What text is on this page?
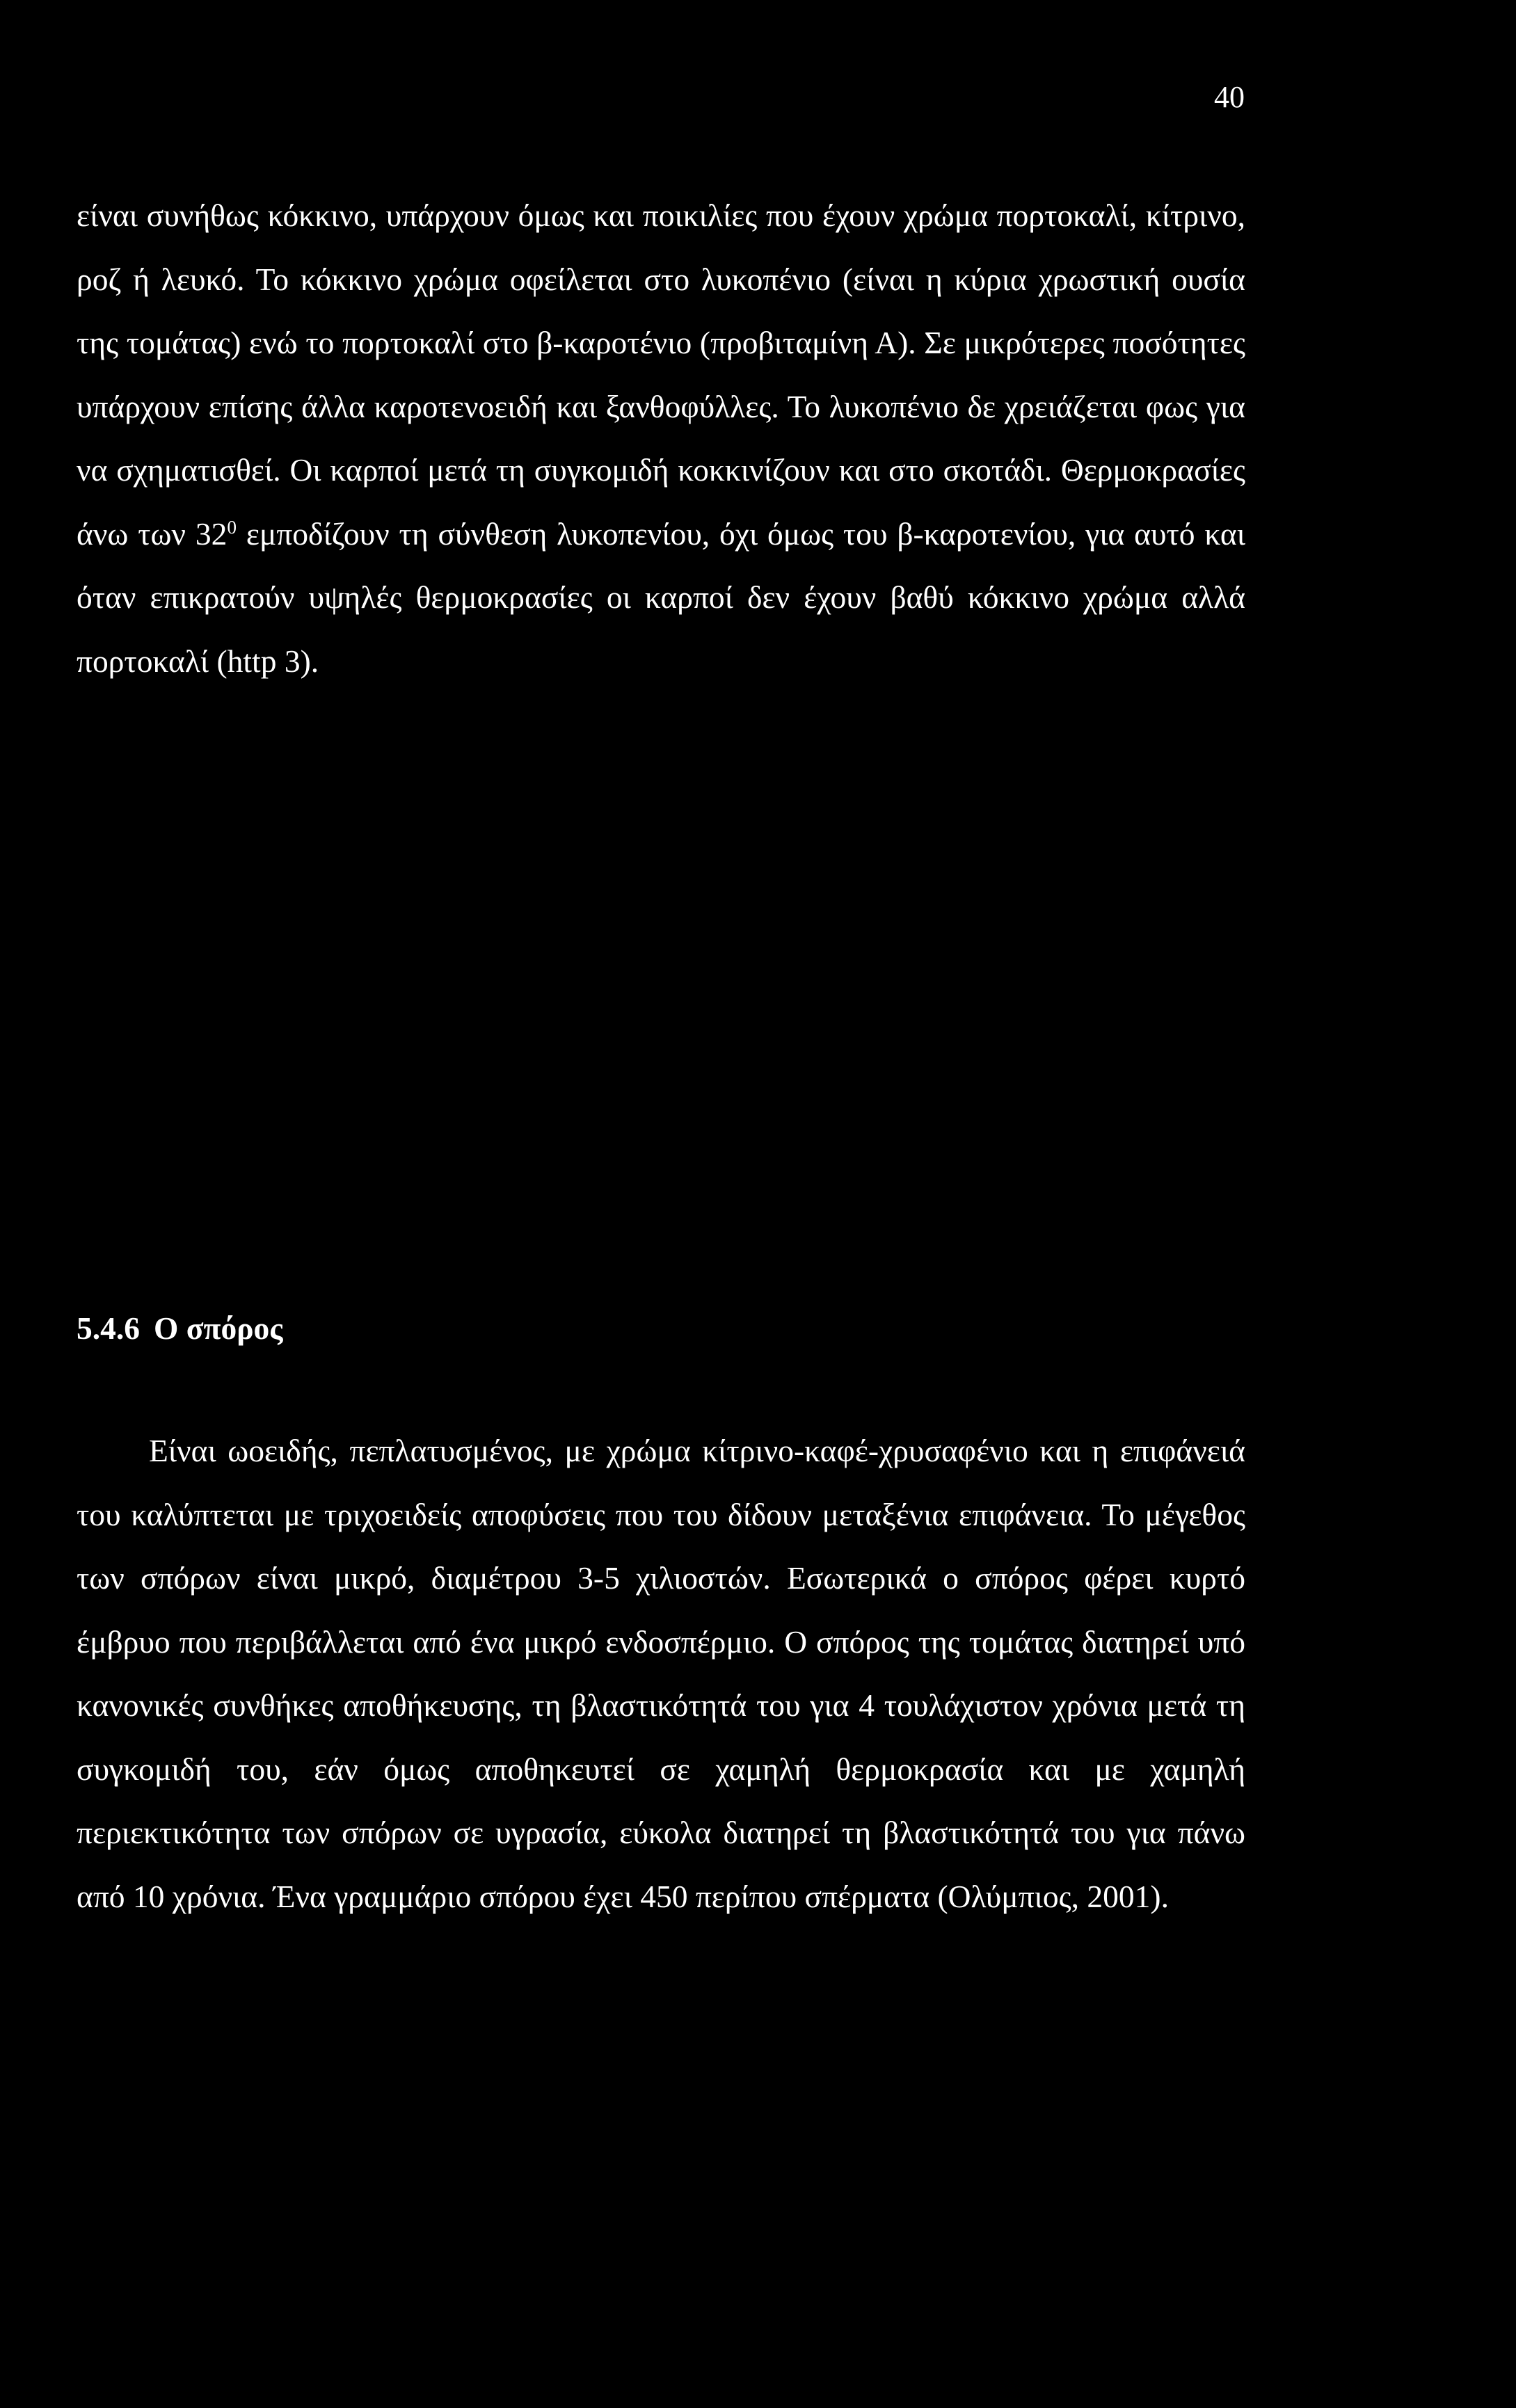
40

είναι συνήθως κόκκινο, υπάρχουν όμως και ποικιλίες που έχουν χρώμα πορτοκαλί, κίτρινο, ροζ ή λευκό. Το κόκκινο χρώμα οφείλεται στο λυκοπένιο (είναι η κύρια χρωστική ουσία της τομάτας) ενώ το πορτοκαλί στο β-καροτένιο (προβιταμίνη Α). Σε μικρότερες ποσότητες υπάρχουν επίσης άλλα καροτενοειδή και ξανθοφύλλες. Το λυκοπένιο δε χρειάζεται φως για να σχηματισθεί. Οι καρποί μετά τη συγκομιδή κοκκινίζουν και στο σκοτάδι. Θερμοκρασίες άνω των $32^0$ εμποδίζουν τη σύνθεση λυκοπενίου, όχι όμως του β-καροτενίου, για αυτό και όταν επικρατούν υψηλές θερμοκρασίες οι καρποί δεν έχουν βαθύ κόκκινο χρώμα αλλά πορτοκαλί (http 3).

5.4.6 Ο σπόρος

Είναι ωοειδής, πεπλατυσμένος, με χρώμα κίτρινο-καφέ-χρυσαφένιο και η επιφάνειά του καλύπτεται με τριχοειδείς αποφύσεις που του δίδουν μεταξένια επιφάνεια. Το μέγεθος των σπόρων είναι μικρό, διαμέτρου 3-5 χιλιοστών. Εσωτερικά ο σπόρος φέρει κυρτό έμβρυο που περιβάλλεται από ένα μικρό ενδοσπέρμιο. Ο σπόρος της τομάτας διατηρεί υπό κανονικές συνθήκες αποθήκευσης, τη βλαστικότητά του για 4 τουλάχιστον χρόνια μετά τη συγκομιδή του, εάν όμως αποθηκευτεί σε χαμηλή θερμοκρασία και με χαμηλή περιεκτικότητα των σπόρων σε υγρασία, εύκολα διατηρεί τη βλαστικότητά του για πάνω από 10 χρόνια. Ένα γραμμάριο σπόρου έχει 450 περίπου σπέρματα (Ολύμπιος, 2001).
